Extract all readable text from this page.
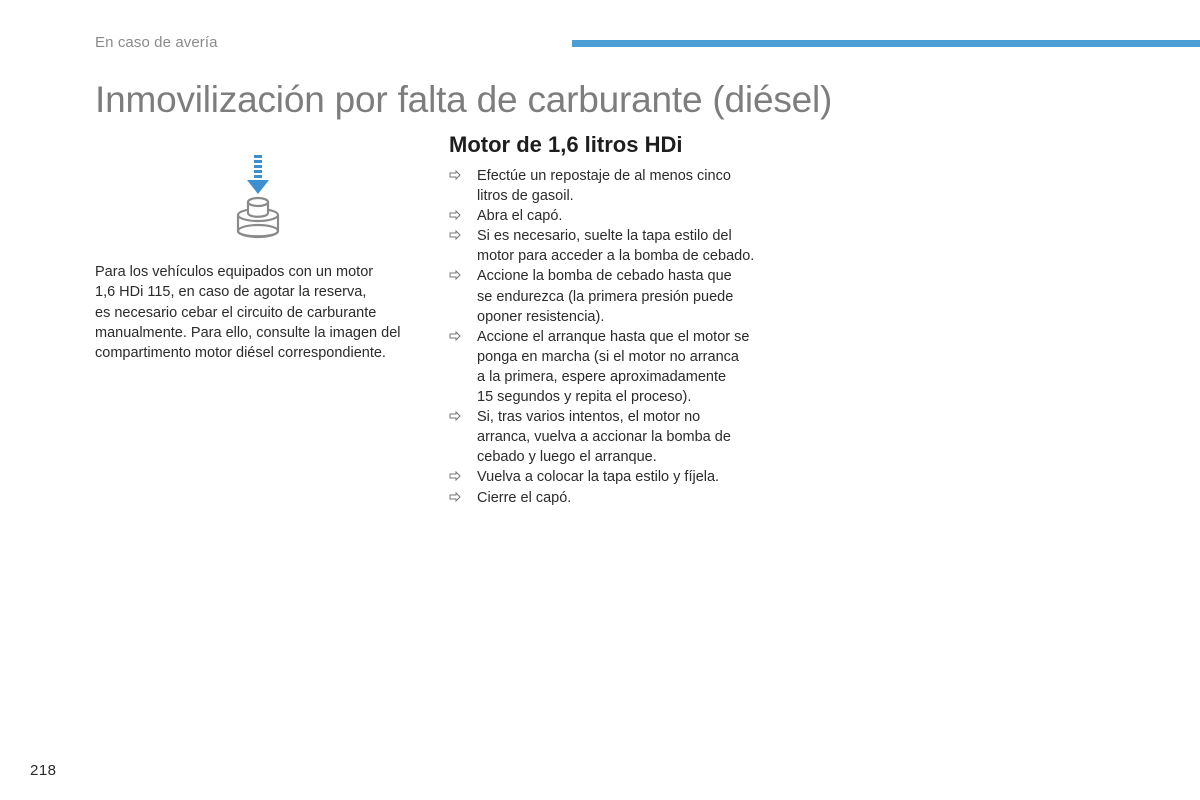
En caso de avería
Inmovilización por falta de carburante (diésel)
Para los vehículos equipados con un motor
1,6 HDi 115, en caso de agotar la reserva,
es necesario cebar el circuito de carburante
manualmente. Para ello, consulte la imagen del
compartimento motor diésel correspondiente.
Motor de 1,6 litros HDi
Efectúe un repostaje de al menos cinco
litros de gasoil.
Abra el capó.
Si es necesario, suelte la tapa estilo del
motor para acceder a la bomba de cebado.
Accione la bomba de cebado hasta que
se endurezca (la primera presión puede
oponer resistencia).
Accione el arranque hasta que el motor se
ponga en marcha (si el motor no arranca
a la primera, espere aproximadamente
15 segundos y repita el proceso).
Si, tras varios intentos, el motor no
arranca, vuelva a accionar la bomba de
cebado y luego el arranque.
Vuelva a colocar la tapa estilo y fíjela.
Cierre el capó.
218
